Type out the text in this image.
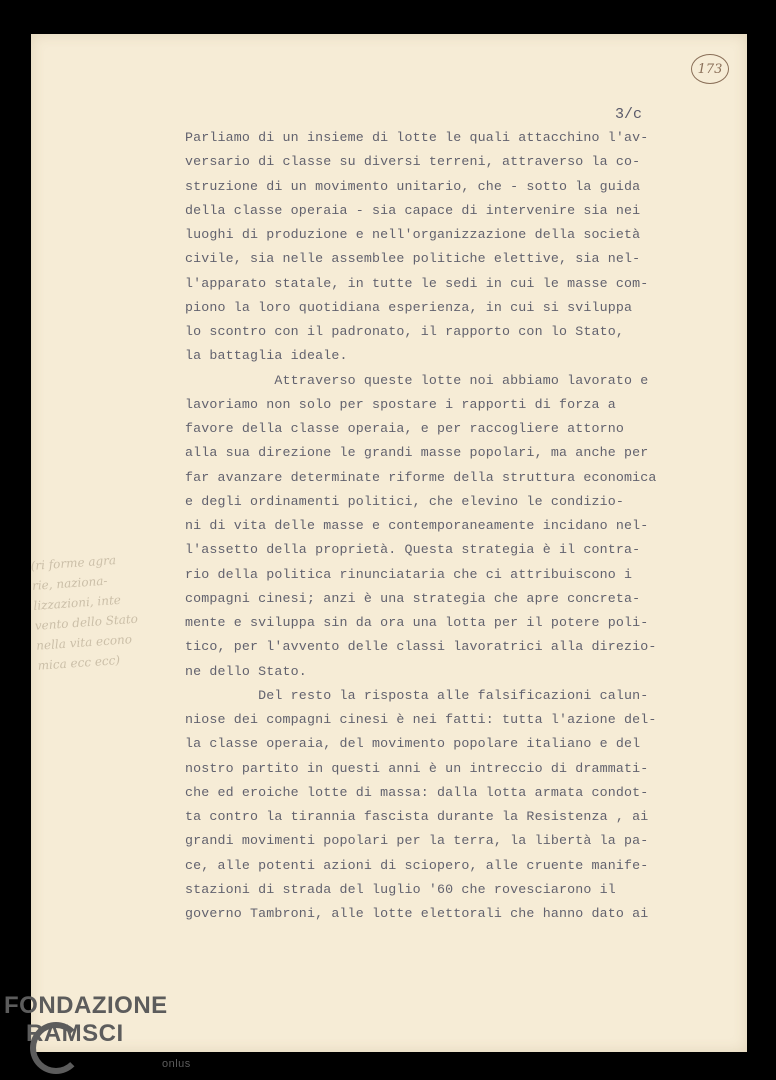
173
3/c
Parliamo di un insieme di lotte le quali attacchino l'av-
versario di classe su diversi terreni, attraverso la co-
struzione di un movimento unitario, che - sotto la guida
della classe operaia - sia capace di intervenire sia nei
luoghi di produzione e nell'organizzazione della società
civile, sia nelle assemblee politiche elettive, sia nel-
l'apparato statale, in tutte le sedi in cui le masse com-
piono la loro quotidiana esperienza, in cui si sviluppa
lo scontro con il padronato, il rapporto con lo Stato,
la battaglia ideale.
Attraverso queste lotte noi abbiamo lavorato e
lavoriamo non solo per spostare i rapporti di forza a
favore della classe operaia, e per raccogliere attorno
alla sua direzione le grandi masse popolari, ma anche per
far avanzare determinate riforme della struttura economica
e degli ordinamenti politici, che elevino le condizio-
ni di vita delle masse e contemporaneamente incidano nel-
l'assetto della proprietà. Questa strategia è il contra-
rio della politica rinunciataria che ci attribuiscono i
compagni cinesi; anzi è una strategia che apre concreta-
mente e sviluppa sin da ora una lotta per il potere poli-
tico, per l'avvento delle classi lavoratrici alla direzio-
ne dello Stato.
Del resto la risposta alle falsificazioni calun-
niose dei compagni cinesi è nei fatti: tutta l'azione del-
la classe operaia, del movimento popolare italiano e del
nostro partito in questi anni è un intreccio di drammati-
che ed eroiche lotte di massa: dalla lotta armata condot-
ta contro la tirannia fascista durante la Resistenza , ai
grandi movimenti popolari per la terra, la libertà la pa-
ce, alle potenti azioni di sciopero, alle cruente manife-
stazioni di strada del luglio '60 che rovesciarono il
governo Tambroni, alle lotte elettorali che hanno dato ai
(ri forme agra
rie, naziona-
lizzazioni, inte
vento dello Stato
nella vita econo
mica ecc ecc)
FONDAZIONE
RAMSCI
onlus
